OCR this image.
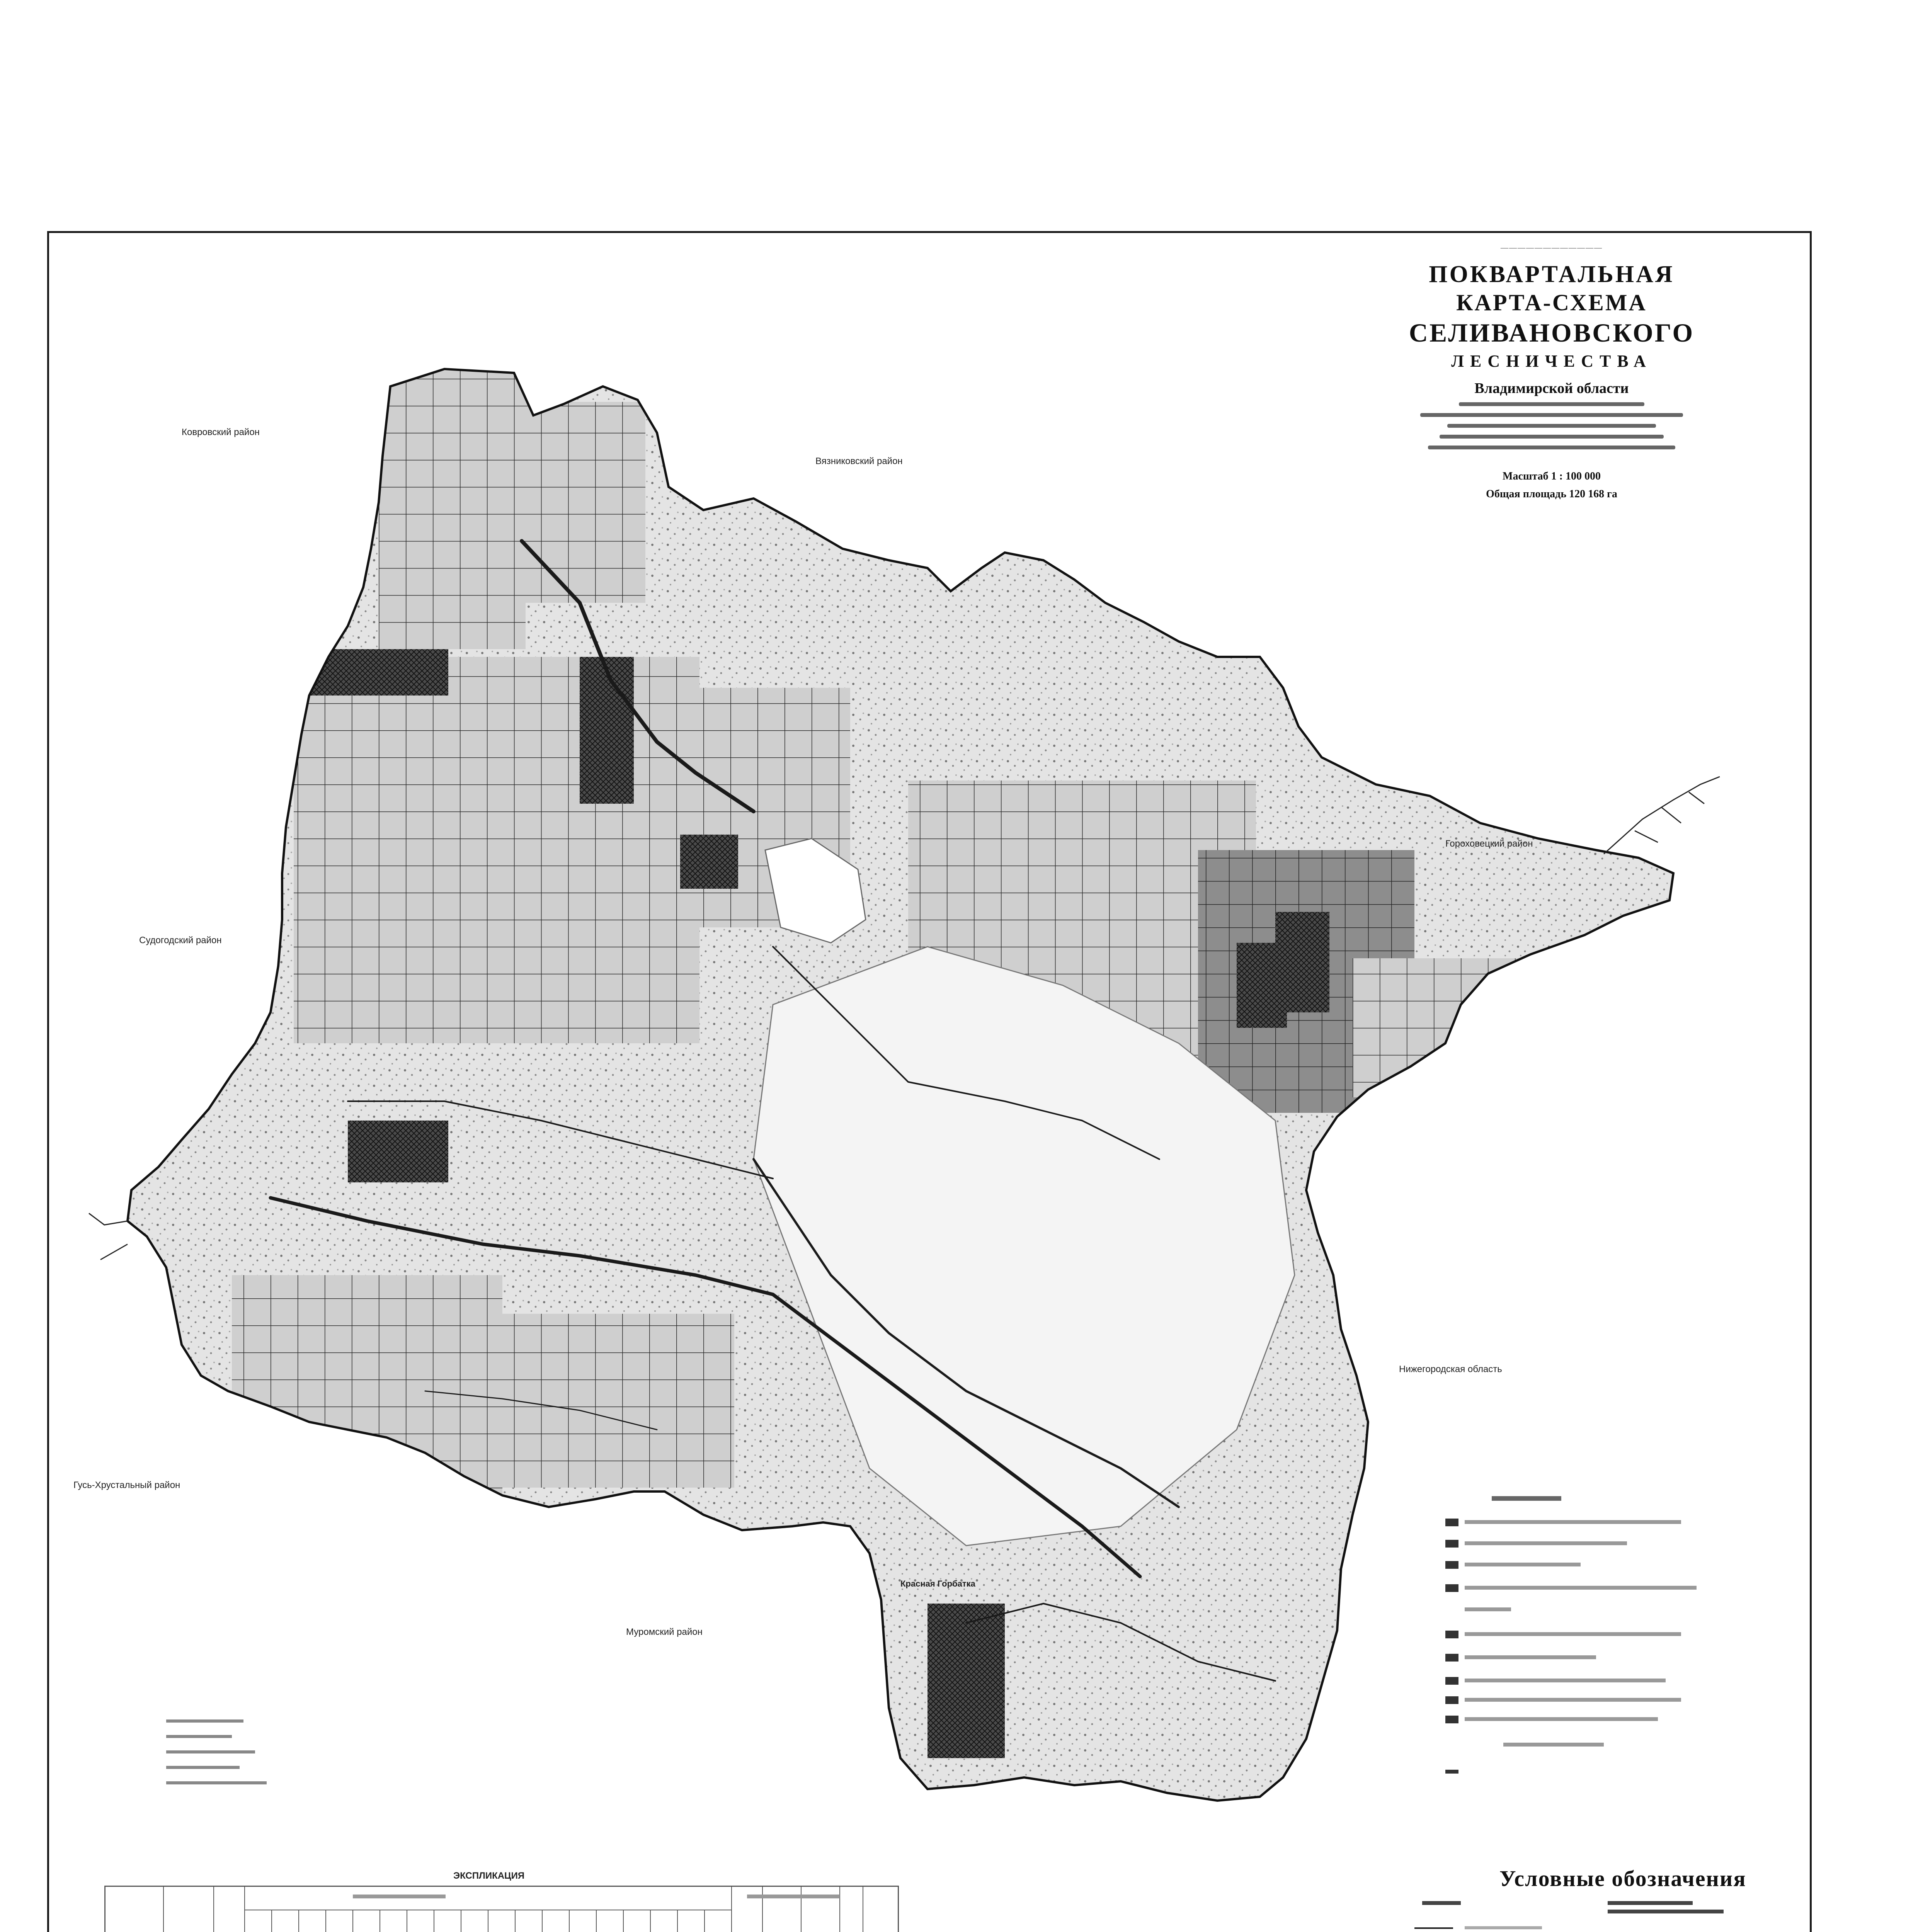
————————————
ПОКВАРТАЛЬНАЯ
КАРТА-СХЕМА
СЕЛИВАНОВСКОГО
ЛЕСНИЧЕСТВА
Владимирской области
Масштаб 1 : 100 000
Общая площадь 120 168 га
Ковровский район
Вязниковский район
Гороховецкий район
Судогодский район
Нижегородская область
Муромский район
Гусь-Хрустальный район
Красная Горбатка
ЭКСПЛИКАЦИЯ	Условные обозначения
